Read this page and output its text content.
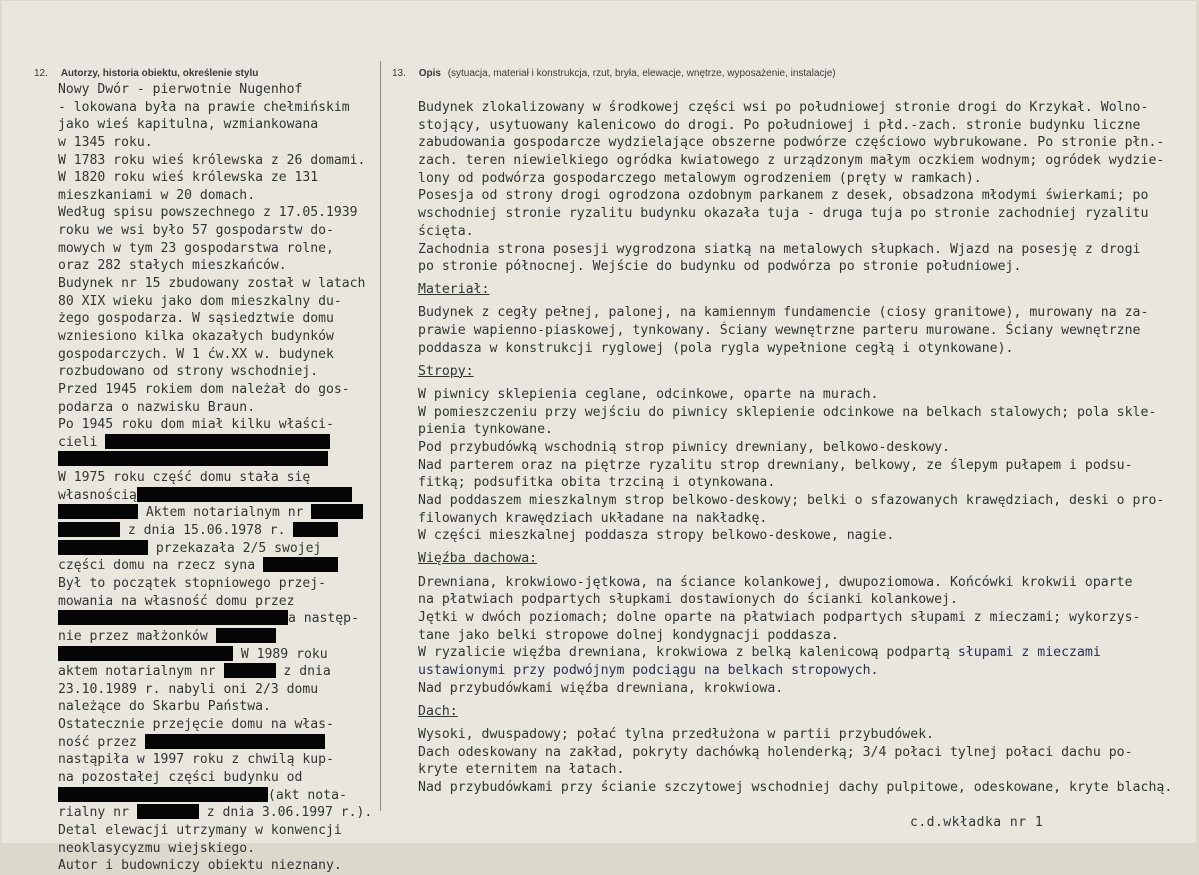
12. Autorzy, historia obiektu, określenie stylu	13. Opis (sytuacja, materiał i konstrukcja, rzut, bryła, elewacje, wnętrze, wyposażenie, instalacje)
Nowy Dwór - pierwotnie Nugenhof
- lokowana była na prawie chełmińskim
jako wieś kapitulna, wzmiankowana
w 1345 roku.
W 1783 roku wieś królewska z 26 domami.
W 1820 roku wieś królewska ze 131
mieszkaniami w 20 domach.
Według spisu powszechnego z 17.05.1939
roku we wsi było 57 gospodarstw do-
mowych w tym 23 gospodarstwa rolne,
oraz 282 stałych mieszkańców.
Budynek nr 15 zbudowany został w latach
80 XIX wieku jako dom mieszkalny du-
żego gospodarza. W sąsiedztwie domu
wzniesiono kilka okazałych budynków
gospodarczych. W 1 ćw.XX w. budynek
rozbudowano od strony wschodniej.
Przed 1945 rokiem dom należał do gos-
podarza o nazwisku Braun.
Po 1945 roku dom miał kilku właści-
cieli
W 1975 roku część domu stała się
własnością
Aktem notarialnym nr
z dnia 15.06.1978 r.
przekazała 2/5 swojej
części domu na rzecz syna
Był to początek stopniowego przej-
mowania na własność domu przez
a następ-
nie przez małżonków
W 1989 roku
aktem notarialnym nr	z dnia
23.10.1989 r. nabyli oni 2/3 domu
należące do Skarbu Państwa.
Ostatecznie przejęcie domu na włas-
ność przez
nastąpiła w 1997 roku z chwilą kup-
na pozostałej części budynku od
(akt nota-
rialny nr	z dnia 3.06.1997 r.).
Detal elewacji utrzymany w konwencji
neoklasycyzmu wiejskiego.
Autor i budowniczy obiektu nieznany.
Budynek zlokalizowany w środkowej części wsi po południowej stronie drogi do Krzykał. Wolno-
stojący, usytuowany kalenicowo do drogi. Po południowej i płd.-zach. stronie budynku liczne
zabudowania gospodarcze wydzielające obszerne podwórze częściowo wybrukowane. Po stronie płn.-
zach. teren niewielkiego ogródka kwiatowego z urządzonym małym oczkiem wodnym; ogródek wydzie-
lony od podwórza gospodarczego metalowym ogrodzeniem (pręty w ramkach).
Posesja od strony drogi ogrodzona ozdobnym parkanem z desek, obsadzona młodymi świerkami; po
wschodniej stronie ryzalitu budynku okazała tuja - druga tuja po stronie zachodniej ryzalitu
ścięta.
Zachodnia strona posesji wygrodzona siatką na metalowych słupkach. Wjazd na posesję z drogi
po stronie północnej. Wejście do budynku od podwórza po stronie południowej.
Materiał:
Budynek z cegły pełnej, palonej, na kamiennym fundamencie (ciosy granitowe), murowany na za-
prawie wapienno-piaskowej, tynkowany. Ściany wewnętrzne parteru murowane. Ściany wewnętrzne
poddasza w konstrukcji ryglowej (pola rygla wypełnione cegłą i otynkowane).
Stropy:
W piwnicy sklepienia ceglane, odcinkowe, oparte na murach.
W pomieszczeniu przy wejściu do piwnicy sklepienie odcinkowe na belkach stalowych; pola skle-
pienia tynkowane.
Pod przybudówką wschodnią strop piwnicy drewniany, belkowo-deskowy.
Nad parterem oraz na piętrze ryzalitu strop drewniany, belkowy, ze ślepym pułapem i podsu-
fitką; podsufitka obita trzciną i otynkowana.
Nad poddaszem mieszkalnym strop belkowo-deskowy; belki o sfazowanych krawędziach, deski o pro-
filowanych krawędziach układane na nakładkę.
W części mieszkalnej poddasza stropy belkowo-deskowe, nagie.
Więźba dachowa:
Drewniana, krokwiowo-jętkowa, na ściance kolankowej, dwupoziomowa. Końcówki krokwii oparte
na płatwiach podpartych słupkami dostawionych do ścianki kolankowej.
Jętki w dwóch poziomach; dolne oparte na płatwiach podpartych słupami z mieczami; wykorzys-
tane jako belki stropowe dolnej kondygnacji poddasza.
W ryzalicie więźba drewniana, krokwiowa z belką kalenicową podpartą słupami z mieczami
ustawionymi przy podwójnym podciągu na belkach stropowych.
Nad przybudówkami więźba drewniana, krokwiowa.
Dach:
Wysoki, dwuspadowy; połać tylna przedłużona w partii przybudówek.
Dach odeskowany na zakład, pokryty dachówką holenderką; 3/4 połaci tylnej połaci dachu po-
kryte eternitem na łatach.
Nad przybudówkami przy ścianie szczytowej wschodniej dachy pulpitowe, odeskowane, kryte blachą.
c.d.wkładka nr 1
